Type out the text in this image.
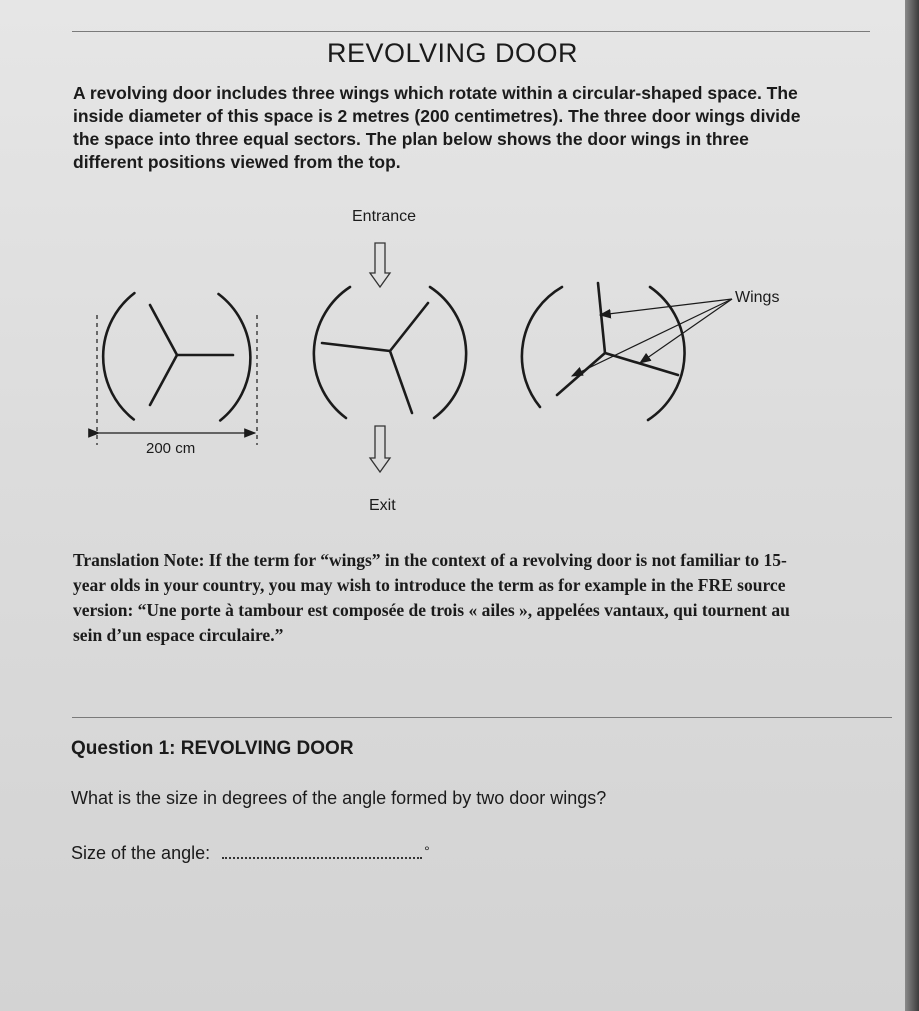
REVOLVING DOOR
A revolving door includes three wings which rotate within a circular-shaped space. The inside diameter of this space is 2 metres (200 centimetres). The three door wings divide the space into three equal sectors. The plan below shows the door wings in three different positions viewed from the top.
Entrance
Exit
Wings
200 cm
Translation Note: If the term for “wings” in the context of a revolving door is not familiar to 15-year olds in your country, you may wish to introduce the term as for example in the FRE source version: “Une porte à tambour est composée de trois « ailes », appelées vantaux, qui tournent au sein d’un espace circulaire.”
Question 1: REVOLVING DOOR
What is the size in degrees of the angle formed by two door wings?
Size of the angle:	°
